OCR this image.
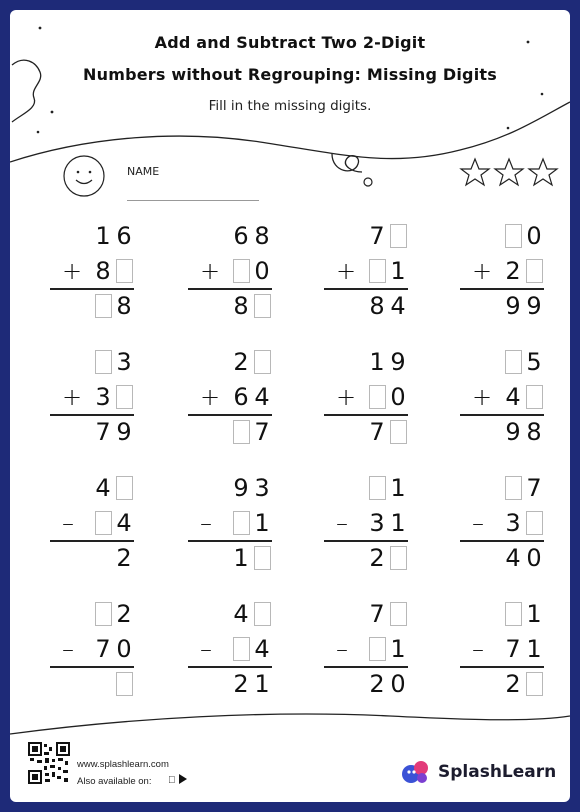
Add and Subtract Two 2-Digit
Numbers without Regrouping: Missing Digits
Fill in the missing digits.
NAME
1 6
+ 8
8
6 8
+ 0
8
7
+ 1
8 4
0
+ 2
9 9
3
+ 3
7 9
2
+ 6 4
7
1 9
+ 0
7
5
+ 4
9 8
4
– 4
2
9 3
– 1
1
1
– 3 1
2
7
– 3
4 0
2
– 7 0
4
– 4
2 1
7
– 1
2 0
1
– 7 1
2
www.splashlearn.com
Also available on:	SplashLearn
